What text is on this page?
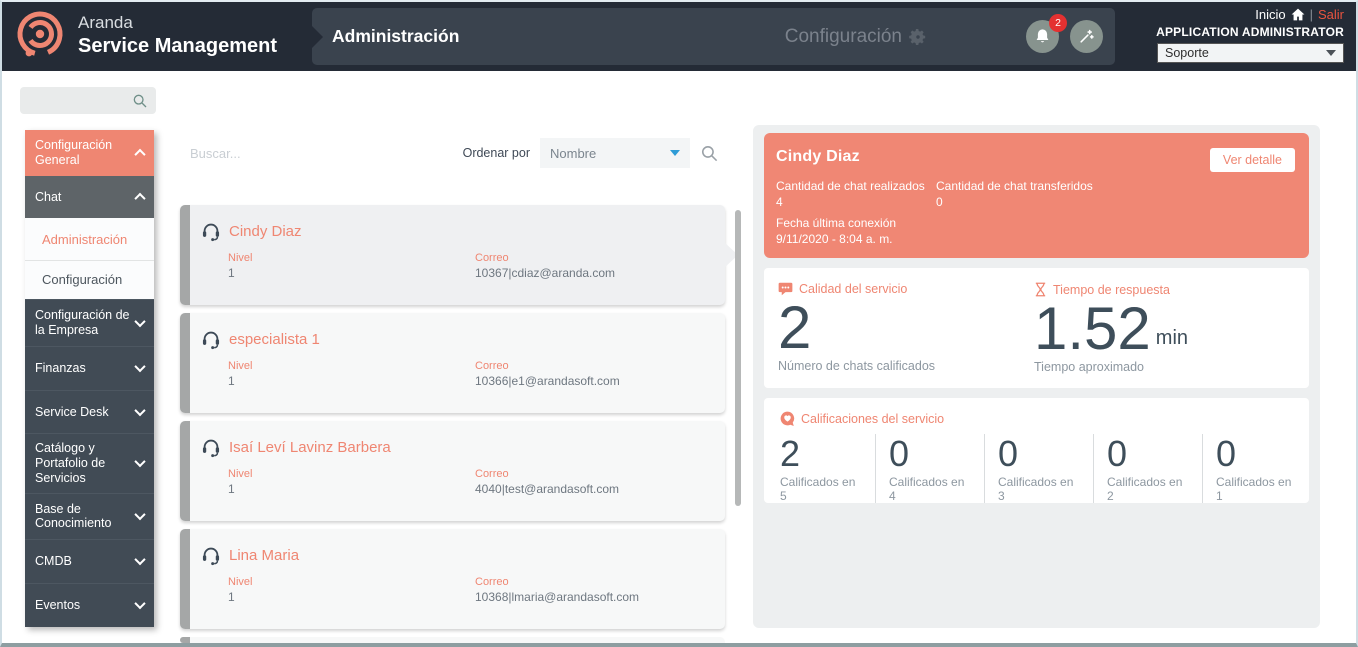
Aranda
Service Management	Administración	Configuración
2
Inicio | Salir
APPLICATION ADMINISTRATOR
Soporte
Configuración General
Chat
Administración
Configuración
Configuración de la Empresa
Finanzas
Service Desk
Catálogo y Portafolio de Servicios
Base de Conocimiento
CMDB
Eventos
Buscar...
Ordenar por Nombre
Cindy Diaz
Nivel
1
Correo
10367|cdiaz@aranda.com
especialista 1
Nivel
1
Correo
10366|e1@arandasoft.com
Isaí Leví Lavinz Barbera
Nivel
1
Correo
4040|test@arandasoft.com
Lina Maria
Nivel
1
Correo
10368|lmaria@arandasoft.com
Cindy Diaz	Ver detalle
Cantidad de chat realizados
4
Cantidad de chat transferidos
0
Fecha última conexión
9/11/2020 - 8:04 a. m.
Calidad del servicio
2
Número de chats calificados
Tiempo de respuesta
1.52 min
Tiempo aproximado
Calificaciones del servicio
2
Calificados en 5
0
Calificados en 4
0
Calificados en 3
0
Calificados en 2
0
Calificados en 1
